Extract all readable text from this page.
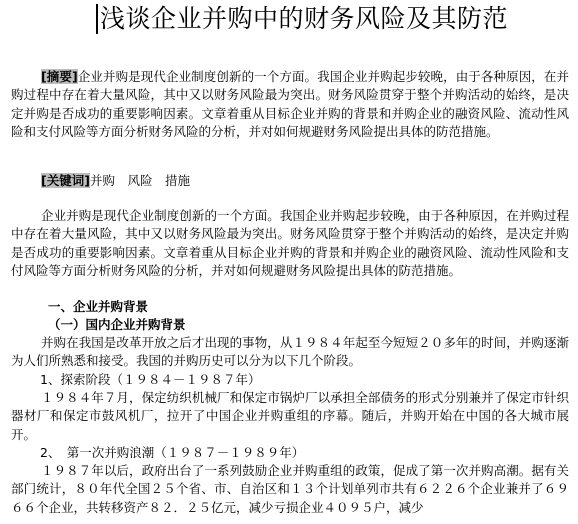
浅谈企业并购中的财务风险及其防范
[摘要]企业并购是现代企业制度创新的一个方面。我国企业并购起步较晚，由于各种原因，在并购过程中存在着大量风险，其中又以财务风险最为突出。财务风险贯穿于整个并购活动的始终，是决定并购是否成功的重要影响因素。文章着重从目标企业并购的背景和并购企业的融资风险、流动性风险和支付风险等方面分析财务风险的分析，并对如何规避财务风险提出具体的防范措施。
[关键词]并购　风险　措施
企业并购是现代企业制度创新的一个方面。我国企业并购起步较晚，由于各种原因，在并购过程中存在着大量风险，其中又以财务风险最为突出。财务风险贯穿于整个并购活动的始终，是决定并购是否成功的重要影响因素。文章着重从目标企业并购的背景和并购企业的融资风险、流动性风险和支付风险等方面分析财务风险的分析，并对如何规避财务风险提出具体的防范措施。
一、企业并购背景
（一）国内企业并购背景
并购在我国是改革开放之后才出现的事物，从１９８４年起至今短短２０多年的时间，并购逐渐为人们所熟悉和接受。我国的并购历史可以分为以下几个阶段。
1、探索阶段（１９８４－１９８７年）
１９８４年７月，保定纺织机械厂和保定市锅炉厂以承担全部债务的形式分别兼并了保定市针织器材厂和保定市鼓风机厂，拉开了中国企业并购重组的序幕。随后，并购开始在中国的各大城市展开。
2、　第一次并购浪潮（１９８７－１９８９年）
１９８７年以后，政府出台了一系列鼓励企业并购重组的政策，促成了第一次并购高潮。据有关部门统计，８０年代全国２５个省、市、自治区和１３个计划单列市共有６２２６个企业兼并了６９６６个企业，共转移资产８２．２５亿元，减少亏损企业４０９５户，减少
